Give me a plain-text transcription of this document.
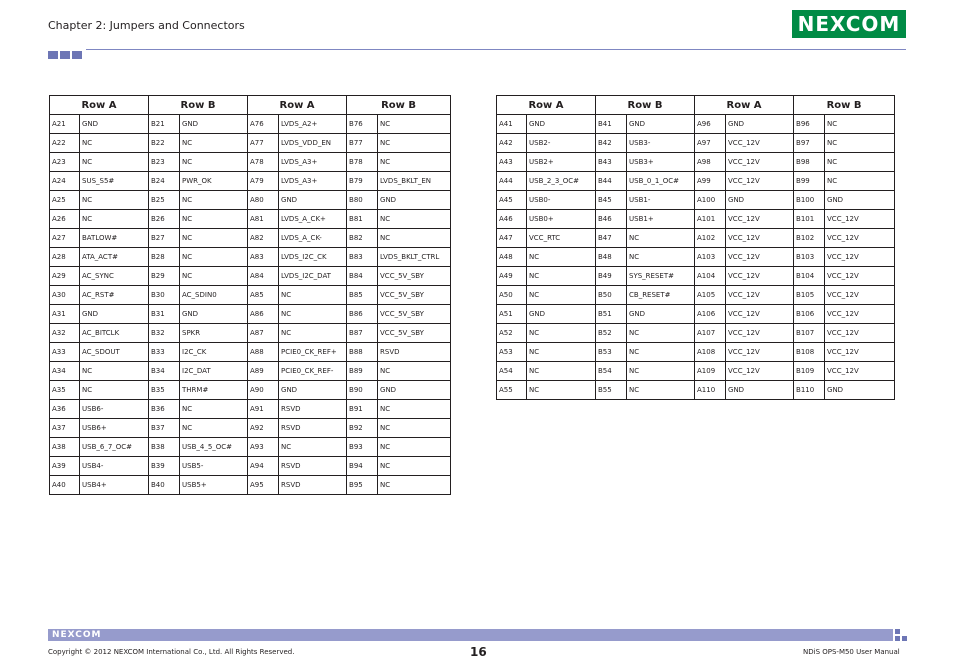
Chapter 2: Jumpers and Connectors	NEXCOM
Row A		Row B		Row A		Row B	
A21	GND	B21	GND	A76	LVDS_A2+	B76	NC
A22	NC	B22	NC	A77	LVDS_VDD_EN	B77	NC
A23	NC	B23	NC	A78	LVDS_A3+	B78	NC
A24	SUS_S5#	B24	PWR_OK	A79	LVDS_A3+	B79	LVDS_BKLT_EN
A25	NC	B25	NC	A80	GND	B80	GND
A26	NC	B26	NC	A81	LVDS_A_CK+	B81	NC
A27	BATLOW#	B27	NC	A82	LVDS_A_CK-	B82	NC
A28	ATA_ACT#	B28	NC	A83	LVDS_I2C_CK	B83	LVDS_BKLT_CTRL
A29	AC_SYNC	B29	NC	A84	LVDS_I2C_DAT	B84	VCC_5V_SBY
A30	AC_RST#	B30	AC_SDIN0	A85	NC	B85	VCC_5V_SBY
A31	GND	B31	GND	A86	NC	B86	VCC_5V_SBY
A32	AC_BITCLK	B32	SPKR	A87	NC	B87	VCC_5V_SBY
A33	AC_SDOUT	B33	I2C_CK	A88	PCIE0_CK_REF+	B88	RSVD
A34	NC	B34	I2C_DAT	A89	PCIE0_CK_REF-	B89	NC
A35	NC	B35	THRM#	A90	GND	B90	GND
A36	USB6-	B36	NC	A91	RSVD	B91	NC
A37	USB6+	B37	NC	A92	RSVD	B92	NC
A38	USB_6_7_OC#	B38	USB_4_5_OC#	A93	NC	B93	NC
A39	USB4-	B39	USB5-	A94	RSVD	B94	NC
A40	USB4+	B40	USB5+	A95	RSVD	B95	NC
Row A		Row B		Row A		Row B	
A41	GND	B41	GND	A96	GND	B96	NC
A42	USB2-	B42	USB3-	A97	VCC_12V	B97	NC
A43	USB2+	B43	USB3+	A98	VCC_12V	B98	NC
A44	USB_2_3_OC#	B44	USB_0_1_OC#	A99	VCC_12V	B99	NC
A45	USB0-	B45	USB1-	A100	GND	B100	GND
A46	USB0+	B46	USB1+	A101	VCC_12V	B101	VCC_12V
A47	VCC_RTC	B47	NC	A102	VCC_12V	B102	VCC_12V
A48	NC	B48	NC	A103	VCC_12V	B103	VCC_12V
A49	NC	B49	SYS_RESET#	A104	VCC_12V	B104	VCC_12V
A50	NC	B50	CB_RESET#	A105	VCC_12V	B105	VCC_12V
A51	GND	B51	GND	A106	VCC_12V	B106	VCC_12V
A52	NC	B52	NC	A107	VCC_12V	B107	VCC_12V
A53	NC	B53	NC	A108	VCC_12V	B108	VCC_12V
A54	NC	B54	NC	A109	VCC_12V	B109	VCC_12V
A55	NC	B55	NC	A110	GND	B110	GND
NEXCOM
Copyright © 2012 NEXCOM International Co., Ltd. All Rights Reserved.	16	NDiS OPS-M50 User Manual
